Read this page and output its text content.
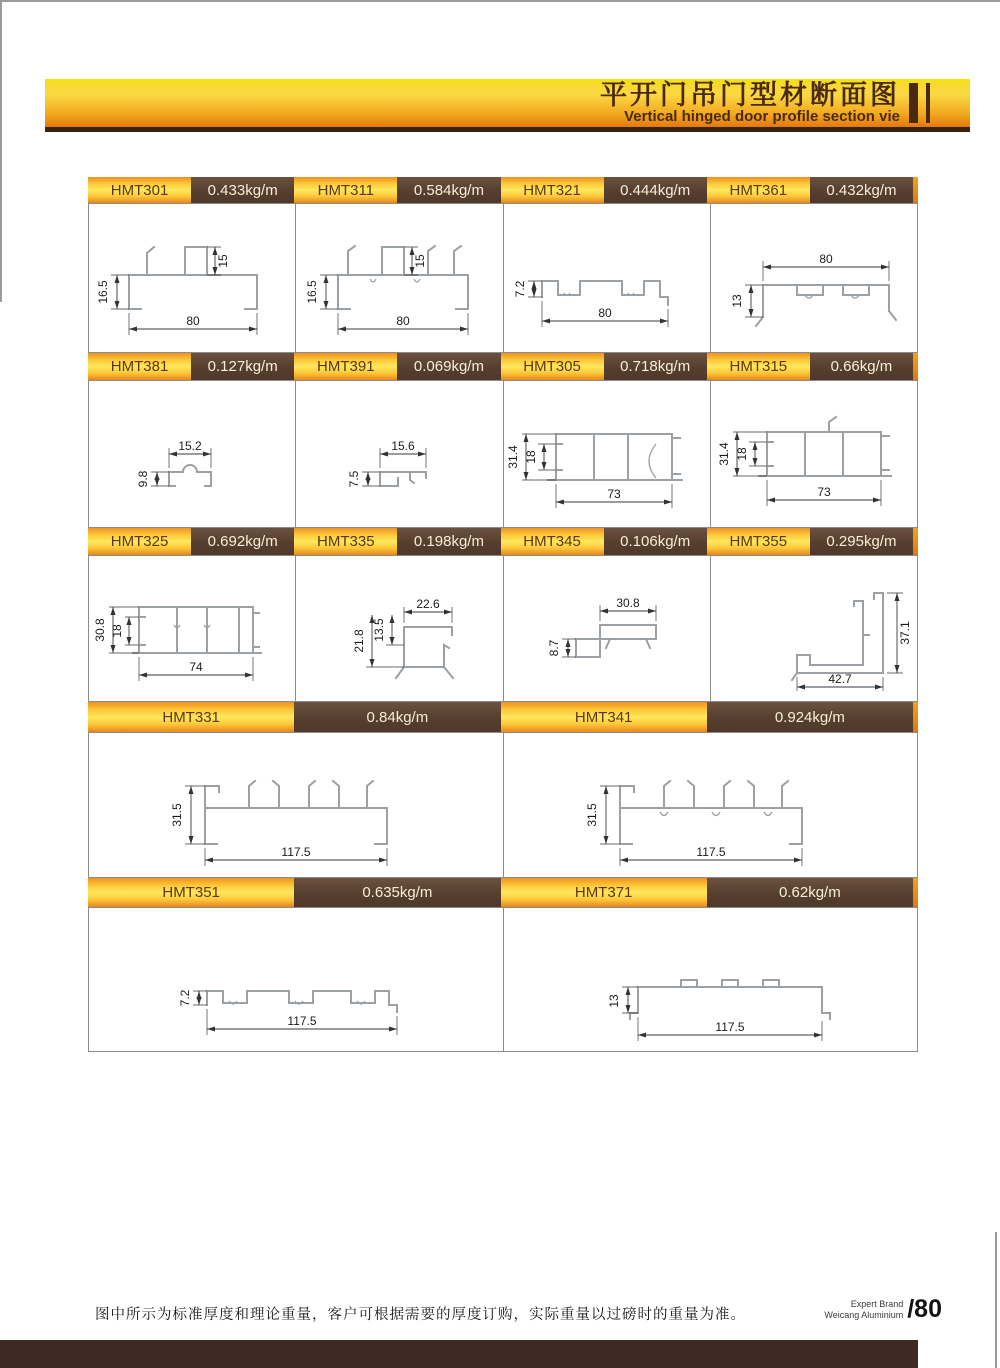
平开门吊门型材断面图
Vertical hinged door profile section vie
HMT301	0.433kg/m	HMT311	0.584kg/m	HMT321	0.444kg/m	HMT361	0.432kg/m
15
16.5
80
15
16.5
80
7.2
80
80
13
HMT381	0.127kg/m	HMT391	0.069kg/m	HMT305	0.718kg/m	HMT315	0.66kg/m
15.2
9.8
15.6
7.5
31.4 18
73
31.4 18
73
HMT325	0.692kg/m	HMT335	0.198kg/m	HMT345	0.106kg/m	HMT355	0.295kg/m
30.8 18
74
22.6
13.5
21.8
30.8
8.7
37.1
42.7
HMT331	0.84kg/m	HMT341	0.924kg/m
31.5
117.5
31.5
117.5
HMT351	0.635kg/m	HMT371	0.62kg/m
7.2
117.5
13
117.5
图中所示为标准厚度和理论重量，客户可根据需要的厚度订购，实际重量以过磅时的重量为准。
Expert Brand
Weicang Aluminium /80
